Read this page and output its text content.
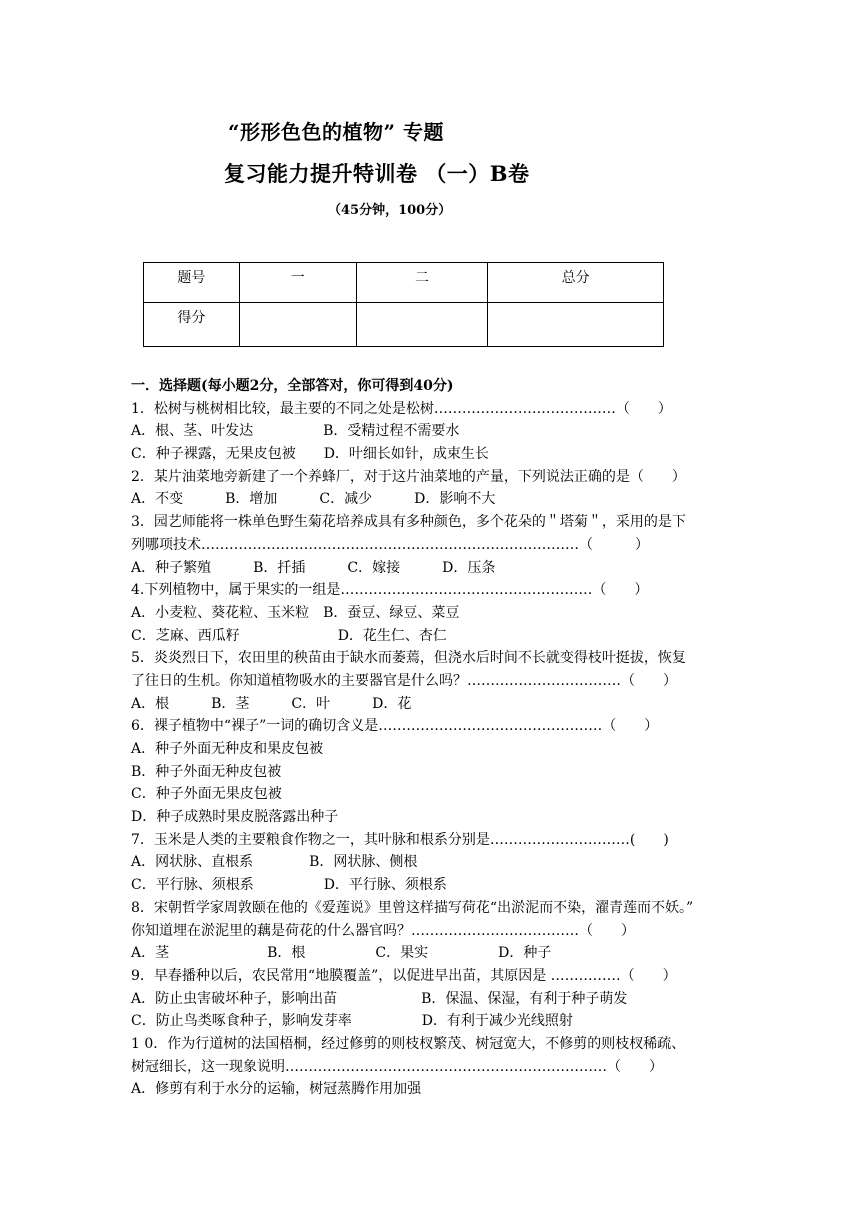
“形形色色的植物” 专题
复习能力提升特训卷 （一）B卷
（45分钟，100分）
题号	一	二	总分
得分			
一．选择题(每小题2分，全部答对，你可得到40分)
1．松树与桃树相比较，最主要的不同之处是松树…………………………………（　　）
A．根、茎、叶发达　　　　　B．受精过程不需要水
C．种子裸露，无果皮包被　　D．叶细长如针，成束生长
2．某片油菜地旁新建了一个养蜂厂，对于这片油菜地的产量，下列说法正确的是（　　）
A．不变　　　B．增加　　　C．减少　　　D．影响不大
3．园艺师能将一株单色野生菊花培养成具有多种颜色，多个花朵的＂塔菊＂，采用的是下
列哪项技术………………………………………………………………………（　　　）
A．种子繁殖　　　B．扦插　　　C．嫁接　　　D．压条
4.下列植物中，属于果实的一组是………………………………………………（　　）
A．小麦粒、葵花粒、玉米粒　B．蚕豆、绿豆、菜豆
C．芝麻、西瓜籽　　　　　　　D．花生仁、杏仁
5．炎炎烈日下，农田里的秧苗由于缺水而萎蔫，但浇水后时间不长就变得枝叶挺拔，恢复
了往日的生机。你知道植物吸水的主要器官是什么吗？……………………………（　　）
A．根　　　B．茎　　　C．叶　　　D．花
6．裸子植物中“裸子”一词的确切含义是…………………………………………（　　）
A．种子外面无种皮和果皮包被
B．种子外面无种皮包被
C．种子外面无果皮包被
D．种子成熟时果皮脱落露出种子
7．玉米是人类的主要粮食作物之一，其叶脉和根系分别是…………………………(　　)
A．网状脉、直根系　　　　B．网状脉、侧根
C．平行脉、须根系　　　　　D．平行脉、须根系
8．宋朝哲学家周敦颐在他的《爱莲说》里曾这样描写荷花“出淤泥而不染，濯青莲而不妖。”
你知道埋在淤泥里的藕是荷花的什么器官吗？………………………………（　　）
A．茎　　　　　　　B．根　　　　　C．果实　　　　　D．种子
9．早春播种以后，农民常用“地膜覆盖”，以促进早出苗，其原因是 ……………（　　）
A．防止虫害破坏种子，影响出苗　　　　　　B．保温、保湿，有利于种子萌发
C．防止鸟类啄食种子，影响发芽率　　　　　D．有利于减少光线照射
1 0．作为行道树的法国梧桐，经过修剪的则枝杈繁茂、树冠宽大，不修剪的则枝杈稀疏、
树冠细长，这一现象说明……………………………………………………………（　　）
A．修剪有利于水分的运输，树冠蒸腾作用加强
